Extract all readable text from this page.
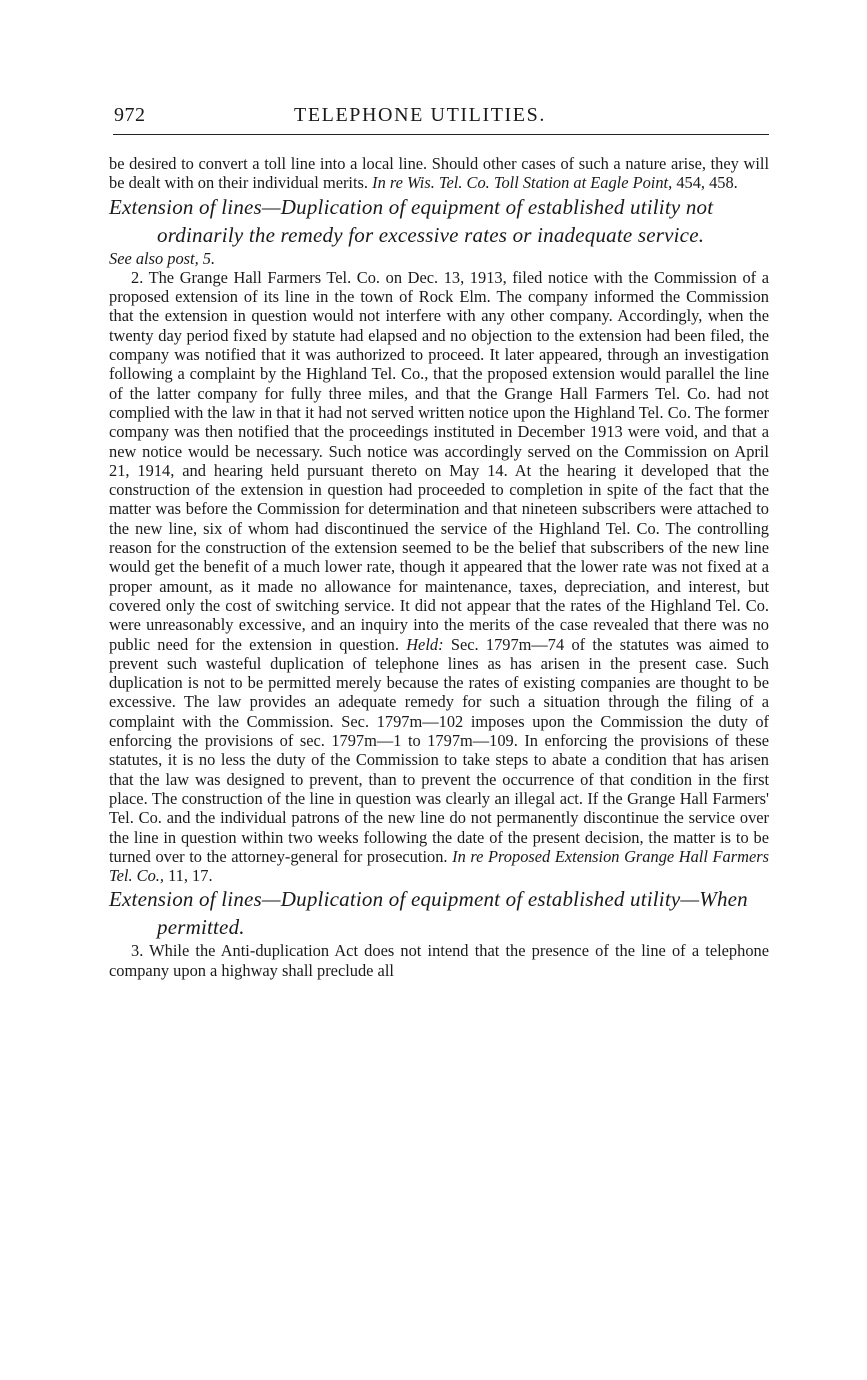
972	TELEPHONE UTILITIES.

be desired to convert a toll line into a local line. Should other cases of such a nature arise, they will be dealt with on their individual merits. In re Wis. Tel. Co. Toll Station at Eagle Point, 454, 458.

Extension of lines—Duplication of equipment of established utility not ordinarily the remedy for excessive rates or inadequate service.

See also post, 5.

2. The Grange Hall Farmers Tel. Co. on Dec. 13, 1913, filed notice with the Commission of a proposed extension of its line in the town of Rock Elm. The company informed the Commission that the extension in question would not interfere with any other company. Accordingly, when the twenty day period fixed by statute had elapsed and no objection to the extension had been filed, the company was notified that it was authorized to proceed. It later appeared, through an investigation following a complaint by the Highland Tel. Co., that the proposed extension would parallel the line of the latter company for fully three miles, and that the Grange Hall Farmers Tel. Co. had not complied with the law in that it had not served written notice upon the Highland Tel. Co. The former company was then notified that the proceedings instituted in December 1913 were void, and that a new notice would be necessary. Such notice was accordingly served on the Commission on April 21, 1914, and hearing held pursuant thereto on May 14. At the hearing it developed that the construction of the extension in question had proceeded to completion in spite of the fact that the matter was before the Commission for determination and that nineteen subscribers were attached to the new line, six of whom had discontinued the service of the Highland Tel. Co. The controlling reason for the construction of the extension seemed to be the belief that subscribers of the new line would get the benefit of a much lower rate, though it appeared that the lower rate was not fixed at a proper amount, as it made no allowance for maintenance, taxes, depreciation, and interest, but covered only the cost of switching service. It did not appear that the rates of the Highland Tel. Co. were unreasonably excessive, and an inquiry into the merits of the case revealed that there was no public need for the extension in question. Held: Sec. 1797m—74 of the statutes was aimed to prevent such wasteful duplication of telephone lines as has arisen in the present case. Such duplication is not to be permitted merely because the rates of existing companies are thought to be excessive. The law provides an adequate remedy for such a situation through the filing of a complaint with the Commission. Sec. 1797m—102 imposes upon the Commission the duty of enforcing the provisions of sec. 1797m—1 to 1797m—109. In enforcing the provisions of these statutes, it is no less the duty of the Commission to take steps to abate a condition that has arisen that the law was designed to prevent, than to prevent the occurrence of that condition in the first place. The construction of the line in question was clearly an illegal act. If the Grange Hall Farmers' Tel. Co. and the individual patrons of the new line do not permanently discontinue the service over the line in question within two weeks following the date of the present decision, the matter is to be turned over to the attorney-general for prosecution. In re Proposed Extension Grange Hall Farmers Tel. Co., 11, 17.

Extension of lines—Duplication of equipment of established utility—When permitted.

3. While the Anti-duplication Act does not intend that the presence of the line of a telephone company upon a highway shall preclude all
